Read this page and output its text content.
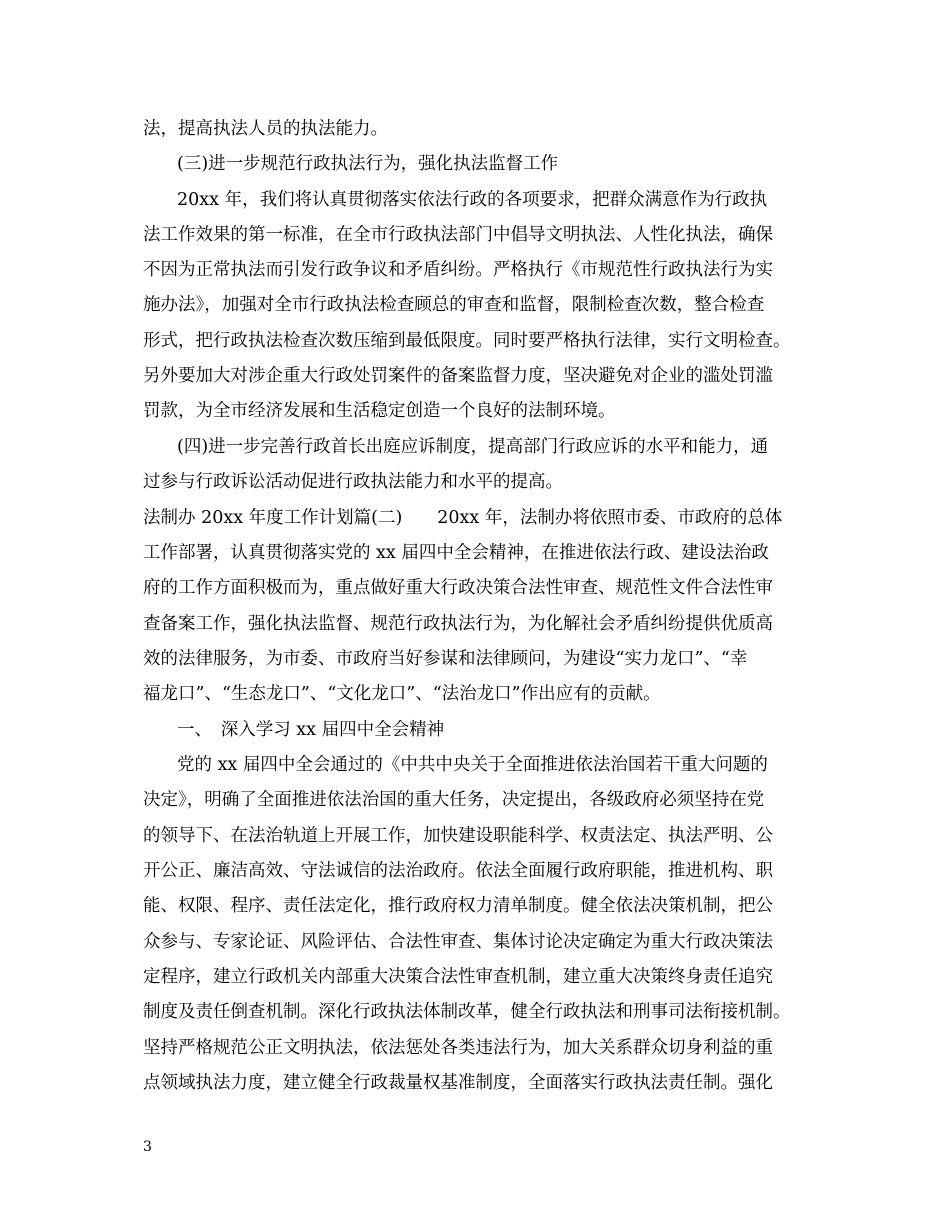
法，提高执法人员的执法能力。
(三)进一步规范行政执法行为，强化执法监督工作
20xx 年，我们将认真贯彻落实依法行政的各项要求，把群众满意作为行政执
法工作效果的第一标准，在全市行政执法部门中倡导文明执法、人性化执法，确保
不因为正常执法而引发行政争议和矛盾纠纷。严格执行《市规范性行政执法行为实
施办法》，加强对全市行政执法检查顾总的审查和监督，限制检查次数，整合检查
形式，把行政执法检查次数压缩到最低限度。同时要严格执行法律，实行文明检查。
另外要加大对涉企重大行政处罚案件的备案监督力度，坚决避免对企业的滥处罚滥
罚款，为全市经济发展和生活稳定创造一个良好的法制环境。
(四)进一步完善行政首长出庭应诉制度，提高部门行政应诉的水平和能力，通
过参与行政诉讼活动促进行政执法能力和水平的提高。
法制办 20xx 年度工作计划篇(二)　　20xx 年，法制办将依照市委、市政府的总体
工作部署，认真贯彻落实党的 xx 届四中全会精神，在推进依法行政、建设法治政
府的工作方面积极而为，重点做好重大行政决策合法性审查、规范性文件合法性审
查备案工作，强化执法监督、规范行政执法行为，为化解社会矛盾纠纷提供优质高
效的法律服务，为市委、市政府当好参谋和法律顾问，为建设“实力龙口”、“幸
福龙口”、“生态龙口”、“文化龙口”、“法治龙口”作出应有的贡献。
一、　深入学习 xx 届四中全会精神
党的 xx 届四中全会通过的《中共中央关于全面推进依法治国若干重大问题的
决定》，明确了全面推进依法治国的重大任务，决定提出，各级政府必须坚持在党
的领导下、在法治轨道上开展工作，加快建设职能科学、权责法定、执法严明、公
开公正、廉洁高效、守法诚信的法治政府。依法全面履行政府职能，推进机构、职
能、权限、程序、责任法定化，推行政府权力清单制度。健全依法决策机制，把公
众参与、专家论证、风险评估、合法性审查、集体讨论决定确定为重大行政决策法
定程序，建立行政机关内部重大决策合法性审查机制，建立重大决策终身责任追究
制度及责任倒查机制。深化行政执法体制改革，健全行政执法和刑事司法衔接机制。
坚持严格规范公正文明执法，依法惩处各类违法行为，加大关系群众切身利益的重
点领域执法力度，建立健全行政裁量权基准制度，全面落实行政执法责任制。强化
3
